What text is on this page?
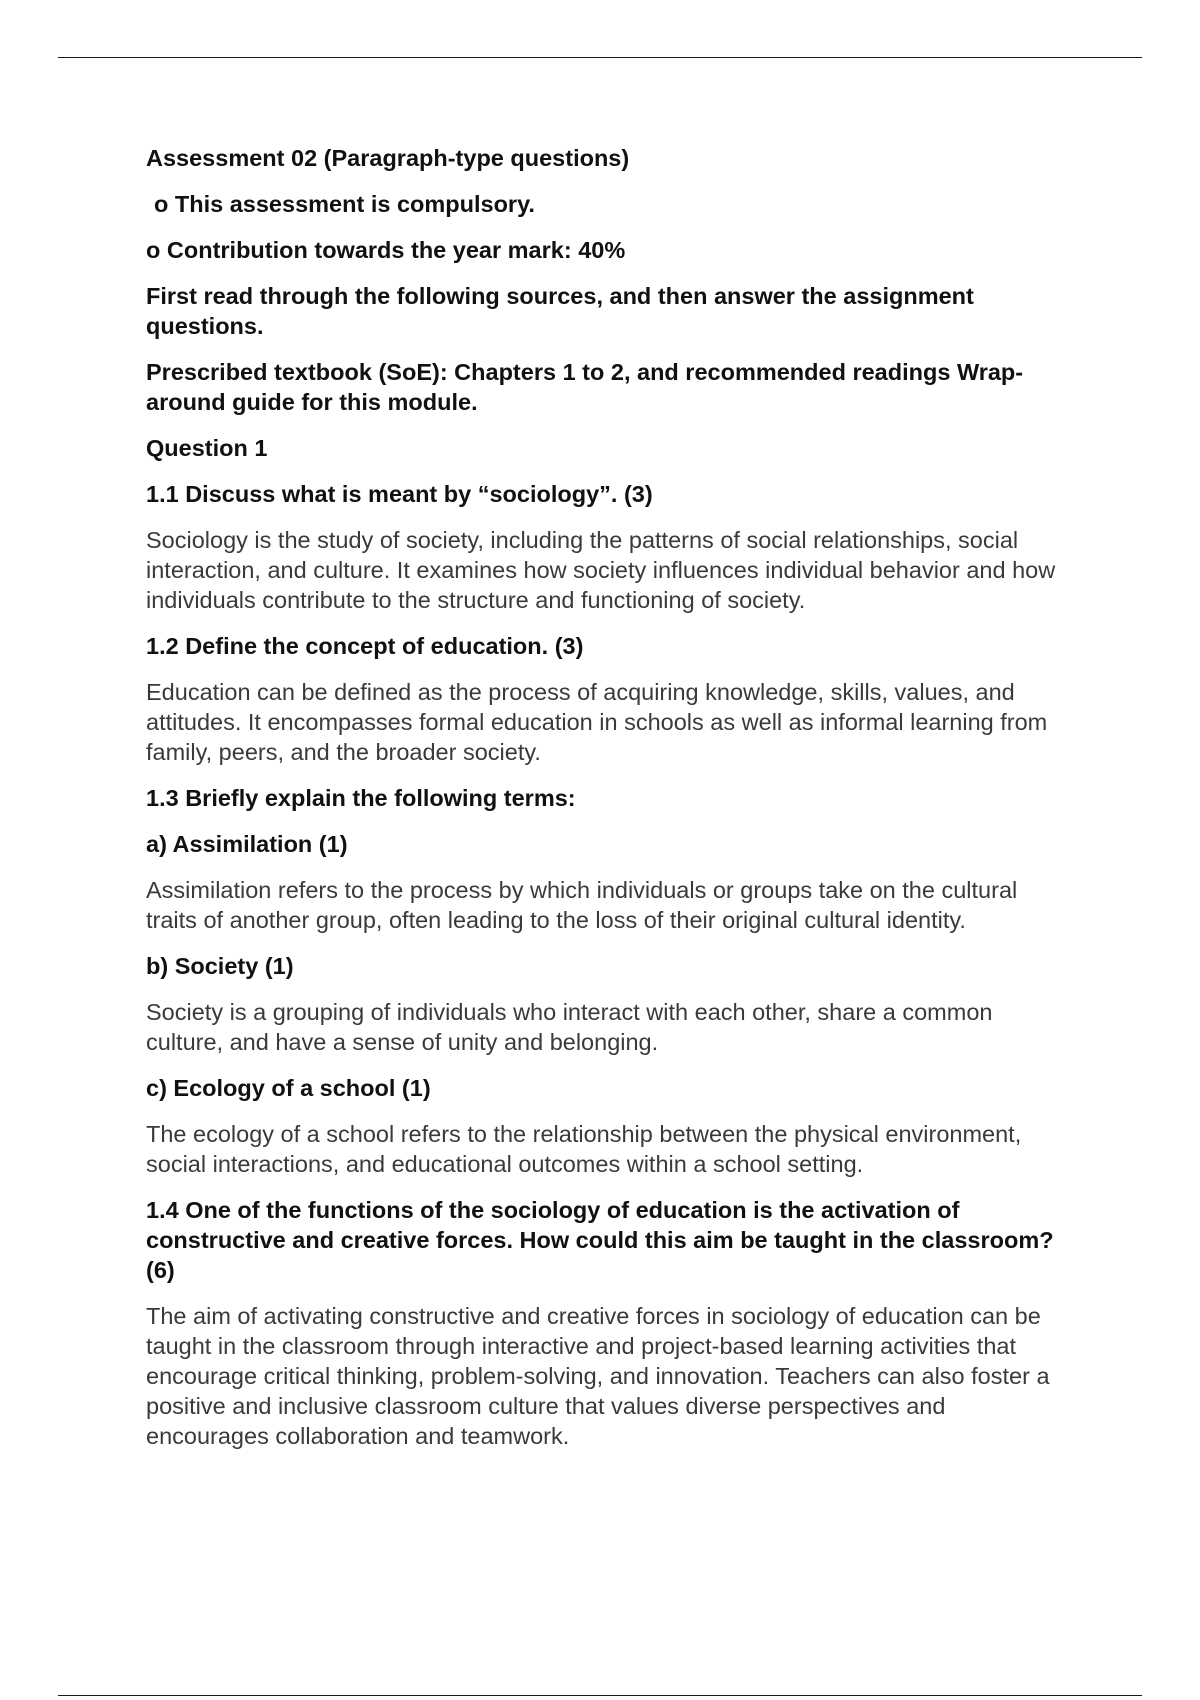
Assessment 02 (Paragraph-type questions)

o This assessment is compulsory.

o Contribution towards the year mark: 40%

First read through the following sources, and then answer the assignment questions.

Prescribed textbook (SoE): Chapters 1 to 2, and recommended readings Wrap-around guide for this module.

Question 1

1.1 Discuss what is meant by “sociology”. (3)

Sociology is the study of society, including the patterns of social relationships, social interaction, and culture. It examines how society influences individual behavior and how individuals contribute to the structure and functioning of society.

1.2 Define the concept of education. (3)

Education can be defined as the process of acquiring knowledge, skills, values, and attitudes. It encompasses formal education in schools as well as informal learning from family, peers, and the broader society.

1.3 Briefly explain the following terms:

a) Assimilation (1)

Assimilation refers to the process by which individuals or groups take on the cultural traits of another group, often leading to the loss of their original cultural identity.

b) Society (1)

Society is a grouping of individuals who interact with each other, share a common culture, and have a sense of unity and belonging.

c) Ecology of a school (1)

The ecology of a school refers to the relationship between the physical environment, social interactions, and educational outcomes within a school setting.

1.4 One of the functions of the sociology of education is the activation of constructive and creative forces. How could this aim be taught in the classroom? (6)

The aim of activating constructive and creative forces in sociology of education can be taught in the classroom through interactive and project-based learning activities that encourage critical thinking, problem-solving, and innovation. Teachers can also foster a positive and inclusive classroom culture that values diverse perspectives and encourages collaboration and teamwork.
